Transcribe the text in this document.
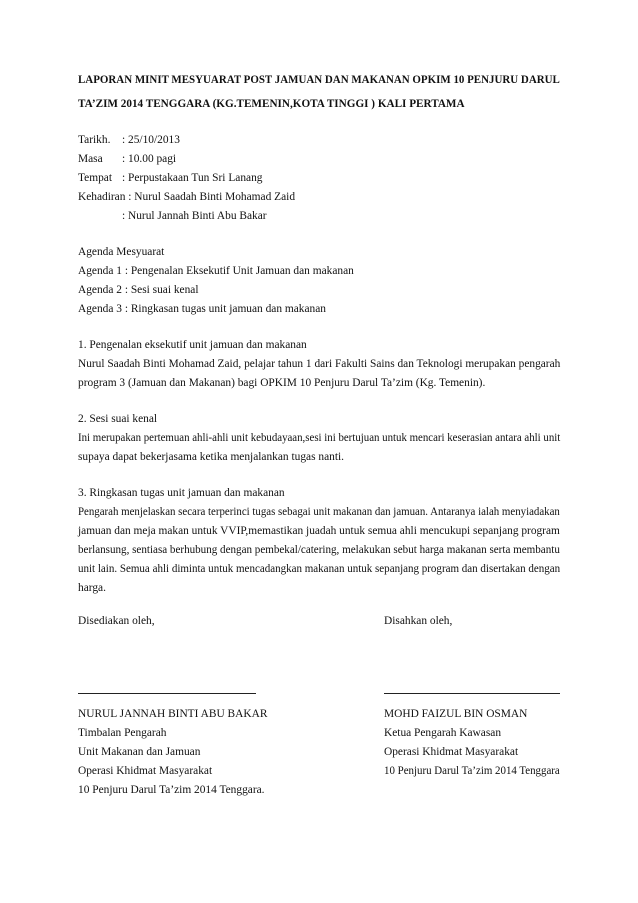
LAPORAN MINIT MESYUARAT POST JAMUAN DAN MAKANAN OPKIM 10 PENJURU DARUL
TA’ZIM 2014 TENGGARA (KG.TEMENIN,KOTA TINGGI ) KALI PERTAMA
Tarikh. : 25/10/2013
Masa : 10.00 pagi
Tempat : Perpustakaan Tun Sri Lanang
Kehadiran : Nurul Saadah Binti Mohamad Zaid
: Nurul Jannah Binti Abu Bakar
Agenda Mesyuarat
Agenda 1 : Pengenalan Eksekutif Unit Jamuan dan makanan
Agenda 2 : Sesi suai kenal
Agenda 3 : Ringkasan tugas unit jamuan dan makanan
1. Pengenalan eksekutif unit jamuan dan makanan
Nurul Saadah Binti Mohamad Zaid, pelajar tahun 1 dari Fakulti Sains dan Teknologi merupakan pengarah
program 3 (Jamuan dan Makanan) bagi OPKIM 10 Penjuru Darul Ta’zim (Kg. Temenin).
2. Sesi suai kenal
Ini merupakan pertemuan ahli-ahli unit kebudayaan,sesi ini bertujuan untuk mencari keserasian antara ahli unit
supaya dapat bekerjasama ketika menjalankan tugas nanti.
3. Ringkasan tugas unit jamuan dan makanan
Pengarah menjelaskan secara terperinci tugas sebagai unit makanan dan jamuan. Antaranya ialah menyiadakan
jamuan dan meja makan untuk VVIP,memastikan juadah untuk semua ahli mencukupi sepanjang program
berlansung, sentiasa berhubung dengan pembekal/catering, melakukan sebut harga makanan serta membantu
unit lain. Semua ahli diminta untuk mencadangkan makanan untuk sepanjang program dan disertakan dengan
harga.
Disediakan oleh,	Disahkan oleh,
NURUL JANNAH BINTI ABU BAKAR
Timbalan Pengarah
Unit Makanan dan Jamuan
Operasi Khidmat Masyarakat
10 Penjuru Darul Ta’zim 2014 Tenggara.
MOHD FAIZUL BIN OSMAN
Ketua Pengarah Kawasan
Operasi Khidmat Masyarakat
10 Penjuru Darul Ta’zim 2014 Tenggara
